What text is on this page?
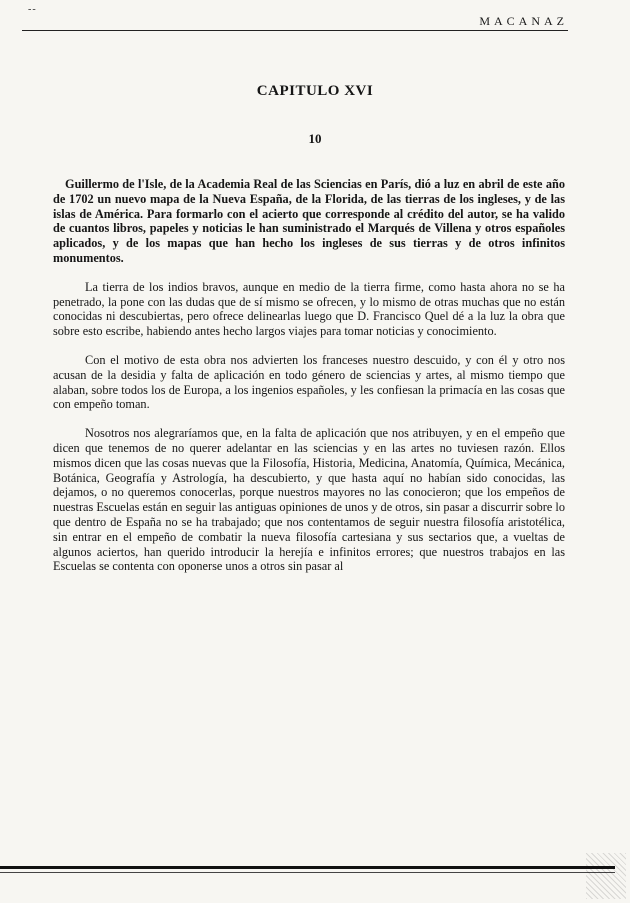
--
MACANAZ
CAPITULO XVI
10

Guillermo de l'Isle, de la Academia Real de las Sciencias en París, dió a luz en abril de este año de 1702 un nuevo mapa de la Nueva España, de la Florida, de las tierras de los ingleses, y de las islas de América. Para formarlo con el acierto que corresponde al crédito del autor, se ha valido de cuantos libros, papeles y noticias le han suministrado el Marqués de Villena y otros españoles aplicados, y de los mapas que han hecho los ingleses de sus tierras y de otros infinitos monumentos.

La tierra de los indios bravos, aunque en medio de la tierra firme, como hasta ahora no se ha penetrado, la pone con las dudas que de sí mismo se ofrecen, y lo mismo de otras muchas que no están conocidas ni descubiertas, pero ofrece delinearlas luego que D. Francisco Quel dé a la luz la obra que sobre esto escribe, habiendo antes hecho largos viajes para tomar noticias y conocimiento.

Con el motivo de esta obra nos advierten los franceses nuestro descuido, y con él y otro nos acusan de la desidia y falta de aplicación en todo género de sciencias y artes, al mismo tiempo que alaban, sobre todos los de Europa, a los ingenios españoles, y les confiesan la primacía en las cosas que con empeño toman.

Nosotros nos alegraríamos que, en la falta de aplicación que nos atribuyen, y en el empeño que dicen que tenemos de no querer adelantar en las sciencias y en las artes no tuviesen razón. Ellos mismos dicen que las cosas nuevas que la Filosofía, Historia, Medicina, Anatomía, Química, Mecánica, Botánica, Geografía y Astrología, ha descubierto, y que hasta aquí no habían sido conocidas, las dejamos, o no queremos conocerlas, porque nuestros mayores no las conocieron; que los empeños de nuestras Escuelas están en seguir las antiguas opiniones de unos y de otros, sin pasar a discurrir sobre lo que dentro de España no se ha trabajado; que nos contentamos de seguir nuestra filosofía aristotélica, sin entrar en el empeño de combatir la nueva filosofía cartesiana y sus sectarios que, a vueltas de algunos aciertos, han querido introducir la herejía e infinitos errores; que nuestros trabajos en las Escuelas se contenta con oponerse unos a otros sin pasar al
